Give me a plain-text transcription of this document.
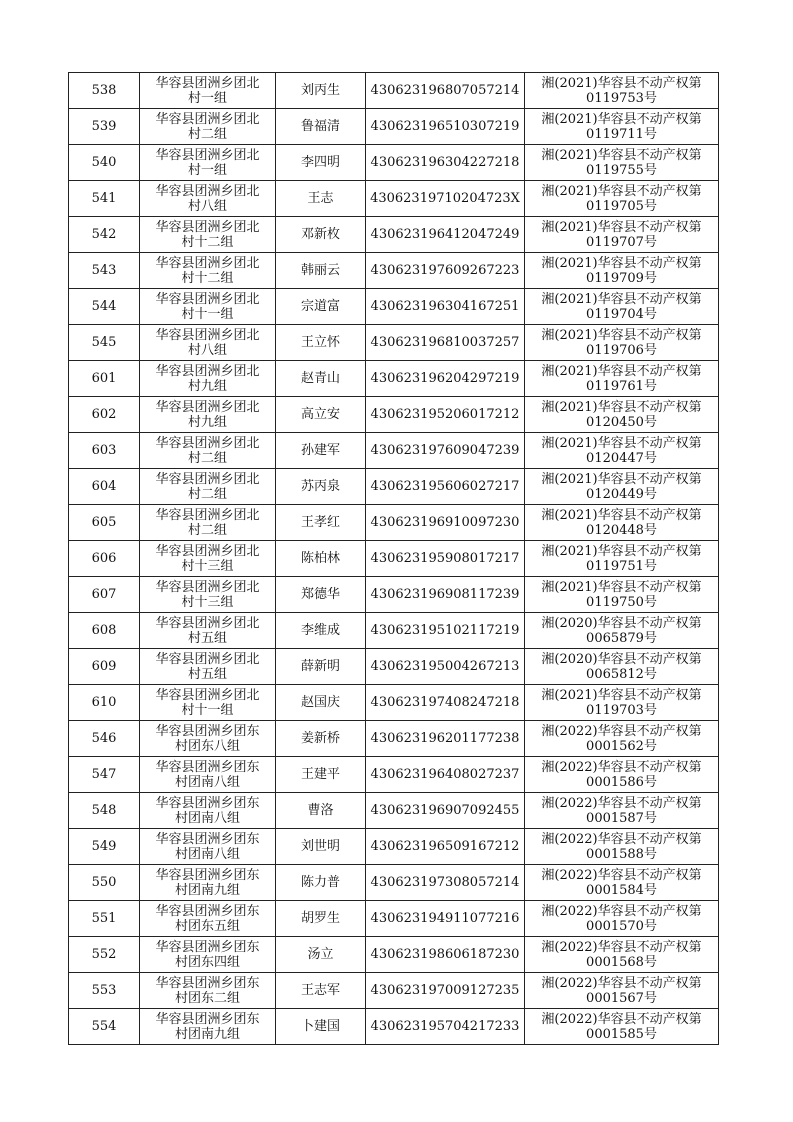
538	华容县团洲乡团北
村一组	刘丙生	430623196807057214	湘(2021)华容县不动产权第
0119753号
539	华容县团洲乡团北
村二组	鲁福清	430623196510307219	湘(2021)华容县不动产权第
0119711号
540	华容县团洲乡团北
村一组	李四明	430623196304227218	湘(2021)华容县不动产权第
0119755号
541	华容县团洲乡团北
村八组	王志	43062319710204723X	湘(2021)华容县不动产权第
0119705号
542	华容县团洲乡团北
村十二组	邓新枚	430623196412047249	湘(2021)华容县不动产权第
0119707号
543	华容县团洲乡团北
村十二组	韩丽云	430623197609267223	湘(2021)华容县不动产权第
0119709号
544	华容县团洲乡团北
村十一组	宗道富	430623196304167251	湘(2021)华容县不动产权第
0119704号
545	华容县团洲乡团北
村八组	王立怀	430623196810037257	湘(2021)华容县不动产权第
0119706号
601	华容县团洲乡团北
村九组	赵青山	430623196204297219	湘(2021)华容县不动产权第
0119761号
602	华容县团洲乡团北
村九组	高立安	430623195206017212	湘(2021)华容县不动产权第
0120450号
603	华容县团洲乡团北
村二组	孙建军	430623197609047239	湘(2021)华容县不动产权第
0120447号
604	华容县团洲乡团北
村二组	苏丙泉	430623195606027217	湘(2021)华容县不动产权第
0120449号
605	华容县团洲乡团北
村二组	王孝红	430623196910097230	湘(2021)华容县不动产权第
0120448号
606	华容县团洲乡团北
村十三组	陈柏林	430623195908017217	湘(2021)华容县不动产权第
0119751号
607	华容县团洲乡团北
村十三组	郑德华	430623196908117239	湘(2021)华容县不动产权第
0119750号
608	华容县团洲乡团北
村五组	李维成	430623195102117219	湘(2020)华容县不动产权第
0065879号
609	华容县团洲乡团北
村五组	薛新明	430623195004267213	湘(2020)华容县不动产权第
0065812号
610	华容县团洲乡团北
村十一组	赵国庆	430623197408247218	湘(2021)华容县不动产权第
0119703号
546	华容县团洲乡团东
村团东八组	姜新桥	430623196201177238	湘(2022)华容县不动产权第
0001562号
547	华容县团洲乡团东
村团南八组	王建平	430623196408027237	湘(2022)华容县不动产权第
0001586号
548	华容县团洲乡团东
村团南八组	曹洛	430623196907092455	湘(2022)华容县不动产权第
0001587号
549	华容县团洲乡团东
村团南八组	刘世明	430623196509167212	湘(2022)华容县不动产权第
0001588号
550	华容县团洲乡团东
村团南九组	陈力普	430623197308057214	湘(2022)华容县不动产权第
0001584号
551	华容县团洲乡团东
村团东五组	胡罗生	430623194911077216	湘(2022)华容县不动产权第
0001570号
552	华容县团洲乡团东
村团东四组	汤立	430623198606187230	湘(2022)华容县不动产权第
0001568号
553	华容县团洲乡团东
村团东二组	王志军	430623197009127235	湘(2022)华容县不动产权第
0001567号
554	华容县团洲乡团东
村团南九组	卜建国	430623195704217233	湘(2022)华容县不动产权第
0001585号
